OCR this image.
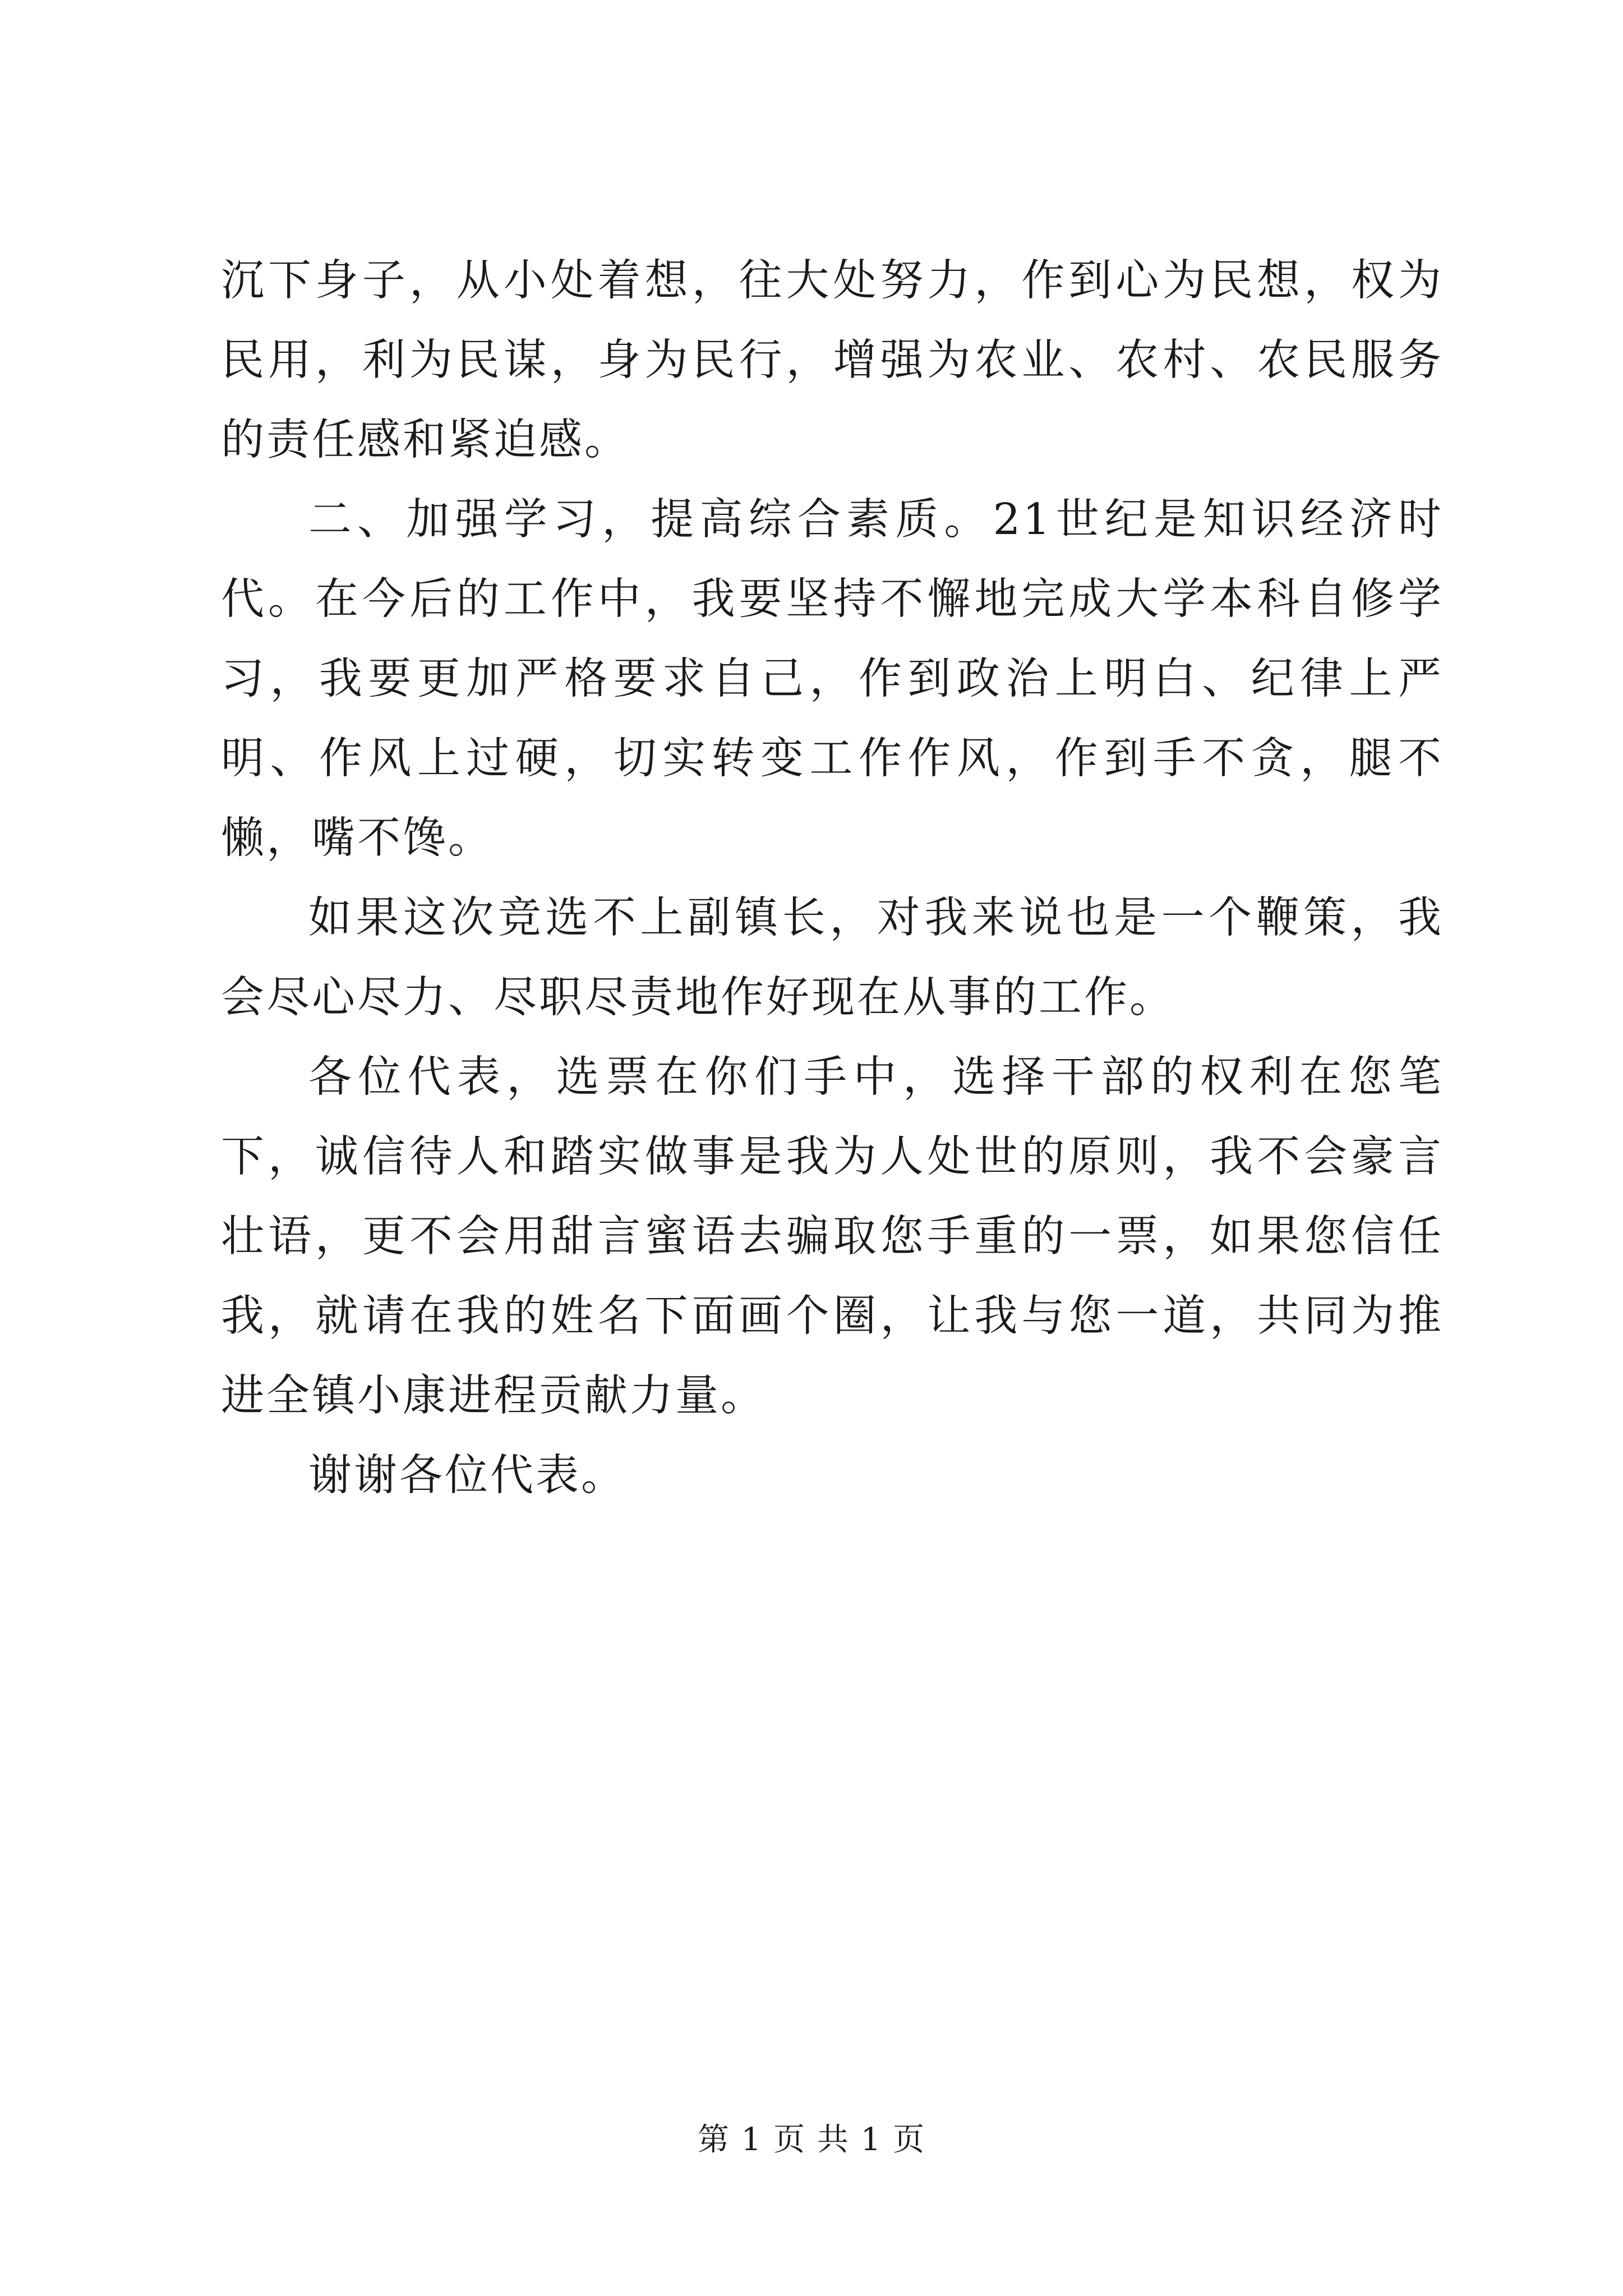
沉下身子，从小处着想，往大处努力，作到心为民想，权为民用，利为民谋，身为民行，增强为农业、农村、农民服务的责任感和紧迫感。

二、加强学习，提高综合素质。21世纪是知识经济时代。在今后的工作中，我要坚持不懈地完成大学本科自修学习，我要更加严格要求自己，作到政治上明白、纪律上严明、作风上过硬，切实转变工作作风，作到手不贪，腿不懒，嘴不馋。

如果这次竞选不上副镇长，对我来说也是一个鞭策，我会尽心尽力、尽职尽责地作好现在从事的工作。

各位代表，选票在你们手中，选择干部的权利在您笔下，诚信待人和踏实做事是我为人处世的原则，我不会豪言壮语，更不会用甜言蜜语去骗取您手重的一票，如果您信任我，就请在我的姓名下面画个圈，让我与您一道，共同为推进全镇小康进程贡献力量。

谢谢各位代表。

第 1 页 共 1 页
